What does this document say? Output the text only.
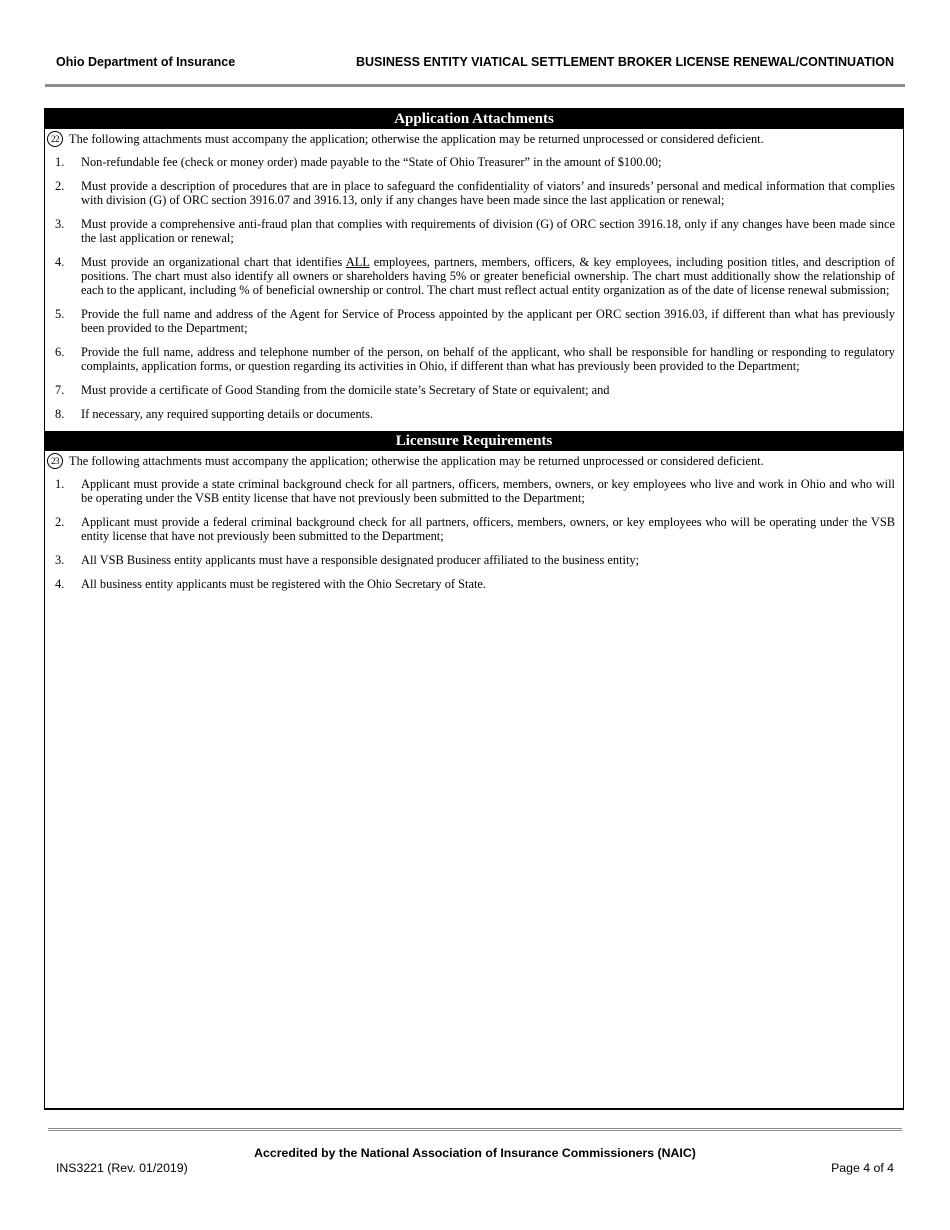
Ohio Department of Insurance	BUSINESS ENTITY VIATICAL SETTLEMENT BROKER LICENSE RENEWAL/CONTINUATION
Application Attachments
22 The following attachments must accompany the application; otherwise the application may be returned unprocessed or considered deficient.
1.	Non-refundable fee (check or money order) made payable to the “State of Ohio Treasurer” in the amount of $100.00;
2.	Must provide a description of procedures that are in place to safeguard the confidentiality of viators’ and insureds’ personal and medical information that complies with division (G) of ORC section 3916.07 and 3916.13, only if any changes have been made since the last application or renewal;
3.	Must provide a comprehensive anti-fraud plan that complies with requirements of division (G) of ORC section 3916.18, only if any changes have been made since the last application or renewal;
4.	Must provide an organizational chart that identifies ALL employees, partners, members, officers, & key employees, including position titles, and description of positions. The chart must also identify all owners or shareholders having 5% or greater beneficial ownership. The chart must additionally show the relationship of each to the applicant, including % of beneficial ownership or control. The chart must reflect actual entity organization as of the date of license renewal submission;
5.	Provide the full name and address of the Agent for Service of Process appointed by the applicant per ORC section 3916.03, if different than what has previously been provided to the Department;
6.	Provide the full name, address and telephone number of the person, on behalf of the applicant, who shall be responsible for handling or responding to regulatory complaints, application forms, or question regarding its activities in Ohio, if different than what has previously been provided to the Department;
7.	Must provide a certificate of Good Standing from the domicile state’s Secretary of State or equivalent; and
8.	If necessary, any required supporting details or documents.
Licensure Requirements
23 The following attachments must accompany the application; otherwise the application may be returned unprocessed or considered deficient.
1.	Applicant must provide a state criminal background check for all partners, officers, members, owners, or key employees who live and work in Ohio and who will be operating under the VSB entity license that have not previously been submitted to the Department;
2.	Applicant must provide a federal criminal background check for all partners, officers, members, owners, or key employees who will be operating under the VSB entity license that have not previously been submitted to the Department;
3.	All VSB Business entity applicants must have a responsible designated producer affiliated to the business entity;
4.	All business entity applicants must be registered with the Ohio Secretary of State.
Accredited by the National Association of Insurance Commissioners (NAIC)
INS3221 (Rev. 01/2019)	Page 4 of 4
